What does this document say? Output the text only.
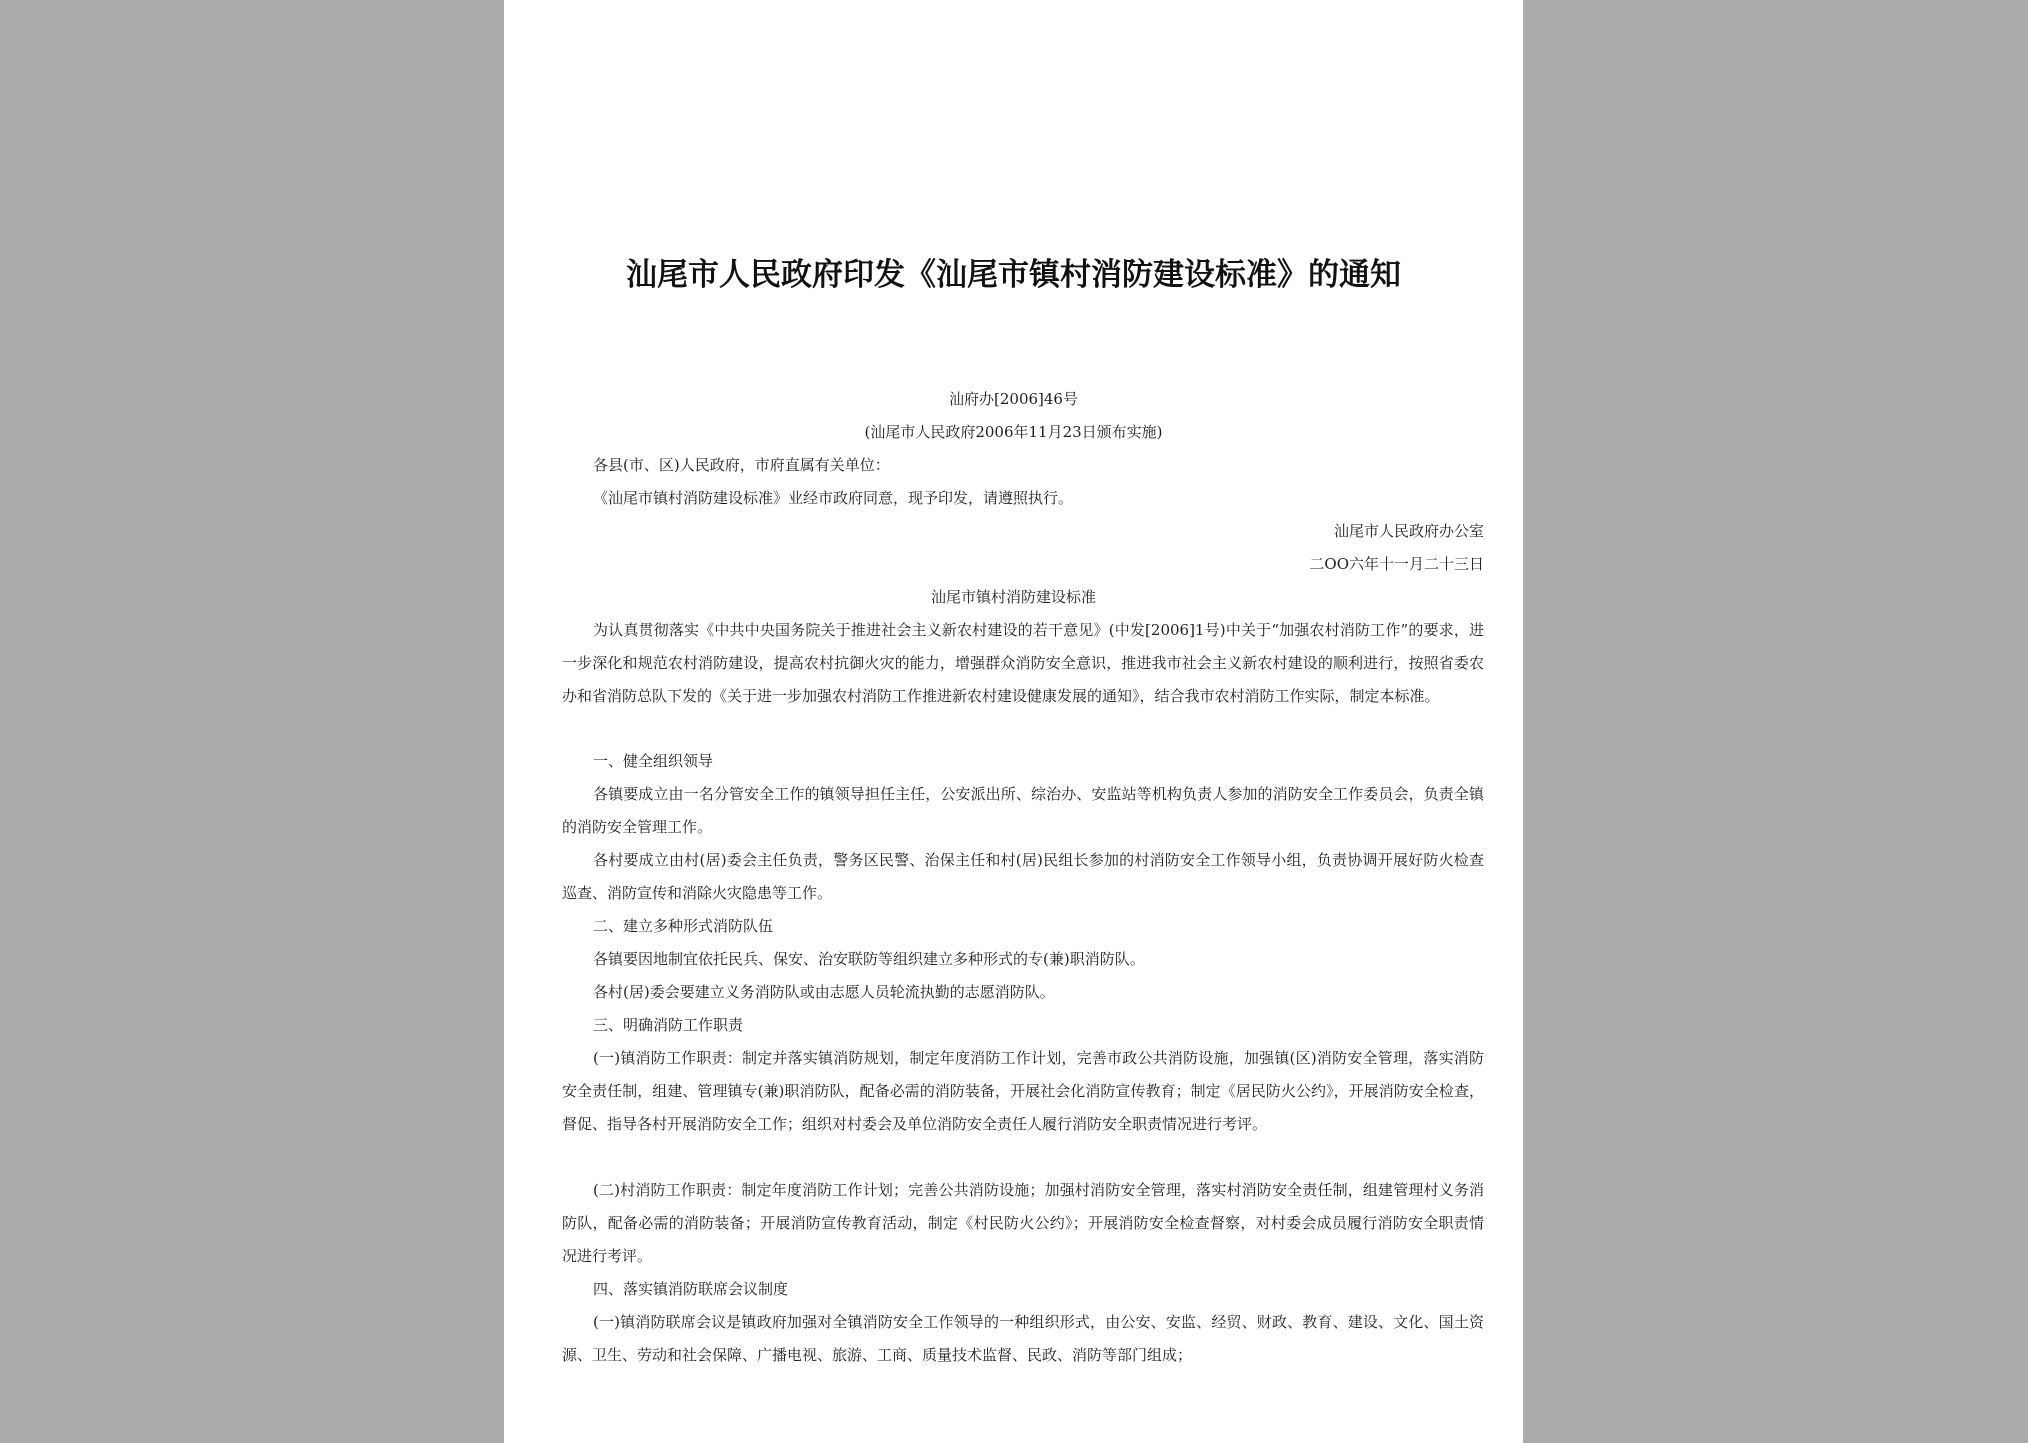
汕尾市人民政府印发《汕尾市镇村消防建设标准》的通知
汕府办[2006]46号
(汕尾市人民政府2006年11月23日颁布实施)
各县(市、区)人民政府，市府直属有关单位：
《汕尾市镇村消防建设标准》业经市政府同意，现予印发，请遵照执行。
汕尾市人民政府办公室
二OO六年十一月二十三日
汕尾市镇村消防建设标准
为认真贯彻落实《中共中央国务院关于推进社会主义新农村建设的若干意见》(中发[2006]1号)中关于“加强农村消防工作”的要求，进一步深化和规范农村消防建设，提高农村抗御火灾的能力，增强群众消防安全意识，推进我市社会主义新农村建设的顺利进行，按照省委农办和省消防总队下发的《关于进一步加强农村消防工作推进新农村建设健康发展的通知》，结合我市农村消防工作实际，制定本标准。
一、健全组织领导
各镇要成立由一名分管安全工作的镇领导担任主任，公安派出所、综治办、安监站等机构负责人参加的消防安全工作委员会，负责全镇的消防安全管理工作。
各村要成立由村(居)委会主任负责，警务区民警、治保主任和村(居)民组长参加的村消防安全工作领导小组，负责协调开展好防火检查巡查、消防宣传和消除火灾隐患等工作。
二、建立多种形式消防队伍
各镇要因地制宜依托民兵、保安、治安联防等组织建立多种形式的专(兼)职消防队。
各村(居)委会要建立义务消防队或由志愿人员轮流执勤的志愿消防队。
三、明确消防工作职责
(一)镇消防工作职责：制定并落实镇消防规划，制定年度消防工作计划，完善市政公共消防设施，加强镇(区)消防安全管理，落实消防安全责任制，组建、管理镇专(兼)职消防队，配备必需的消防装备，开展社会化消防宣传教育；制定《居民防火公约》，开展消防安全检查，督促、指导各村开展消防安全工作；组织对村委会及单位消防安全责任人履行消防安全职责情况进行考评。
(二)村消防工作职责：制定年度消防工作计划；完善公共消防设施；加强村消防安全管理，落实村消防安全责任制，组建管理村义务消防队，配备必需的消防装备；开展消防宣传教育活动，制定《村民防火公约》；开展消防安全检查督察，对村委会成员履行消防安全职责情况进行考评。
四、落实镇消防联席会议制度
(一)镇消防联席会议是镇政府加强对全镇消防安全工作领导的一种组织形式，由公安、安监、经贸、财政、教育、建设、文化、国土资源、卫生、劳动和社会保障、广播电视、旅游、工商、质量技术监督、民政、消防等部门组成；
